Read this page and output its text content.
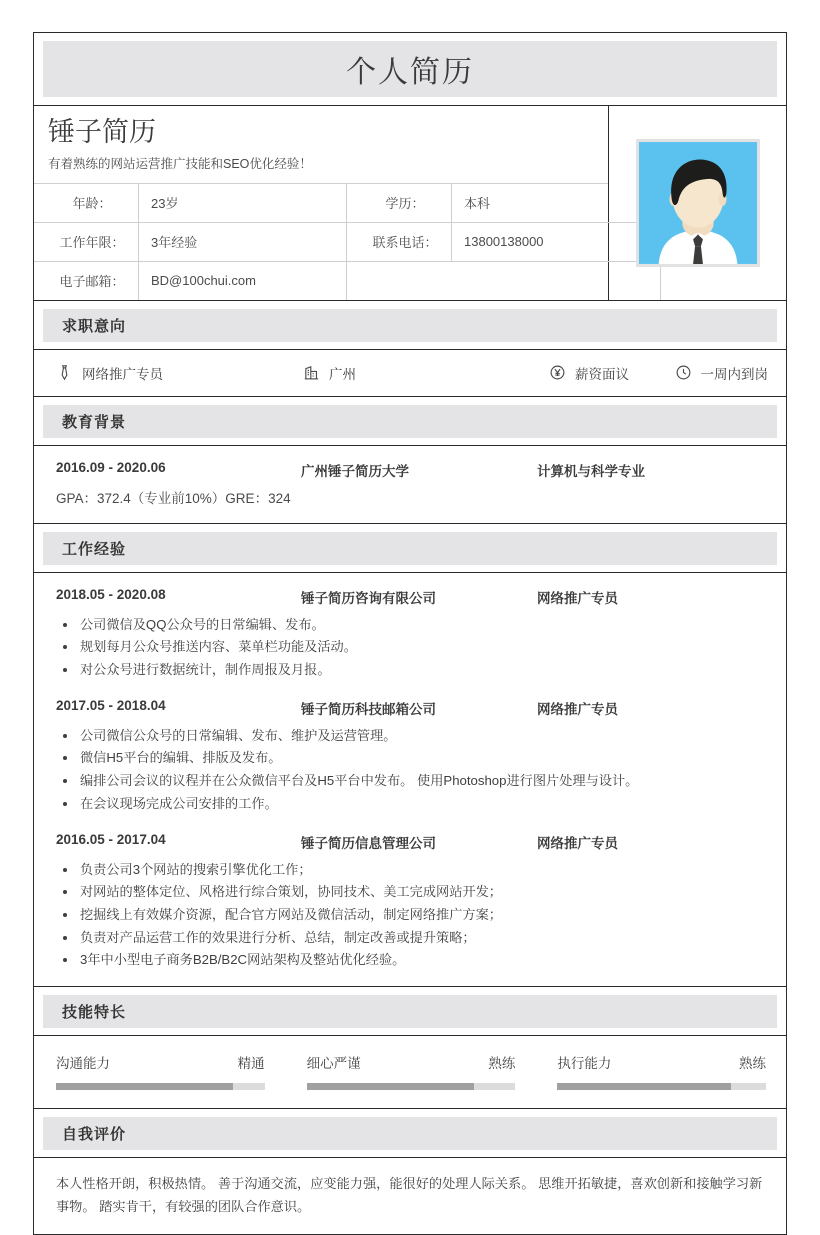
个人简历
锤子简历
有着熟练的网站运营推广技能和SEO优化经验！
年龄：	23岁	学历：	本科
工作年限：	3年经验	联系电话：	13800138000
电子邮箱：	BD@100chui.com		
求职意向
网络推广专员	广州	薪资面议	一周内到岗
教育背景
2016.09 - 2020.06	广州锤子简历大学	计算机与科学专业
GPA：372.4（专业前10%）GRE：324
工作经验
2018.05 - 2020.08	锤子简历咨询有限公司	网络推广专员
公司微信及QQ公众号的日常编辑、发布。
规划每月公众号推送内容、菜单栏功能及活动。
对公众号进行数据统计，制作周报及月报。
2017.05 - 2018.04	锤子简历科技邮箱公司	网络推广专员
公司微信公众号的日常编辑、发布、维护及运营管理。
微信H5平台的编辑、排版及发布。
编排公司会议的议程并在公众微信平台及H5平台中发布。 使用Photoshop进行图片处理与设计。
在会议现场完成公司安排的工作。
2016.05 - 2017.04	锤子简历信息管理公司	网络推广专员
负责公司3个网站的搜索引擎优化工作；
对网站的整体定位、风格进行综合策划，协同技术、美工完成网站开发；
挖掘线上有效媒介资源，配合官方网站及微信活动，制定网络推广方案；
负责对产品运营工作的效果进行分析、总结，制定改善或提升策略；
3年中小型电子商务B2B/B2C网站架构及整站优化经验。
技能特长
沟通能力	精通	细心严谨	熟练	执行能力	熟练
自我评价
本人性格开朗，积极热情。 善于沟通交流，应变能力强，能很好的处理人际关系。 思维开拓敏捷，喜欢创新和接触学习新事物。 踏实肯干，有较强的团队合作意识。
